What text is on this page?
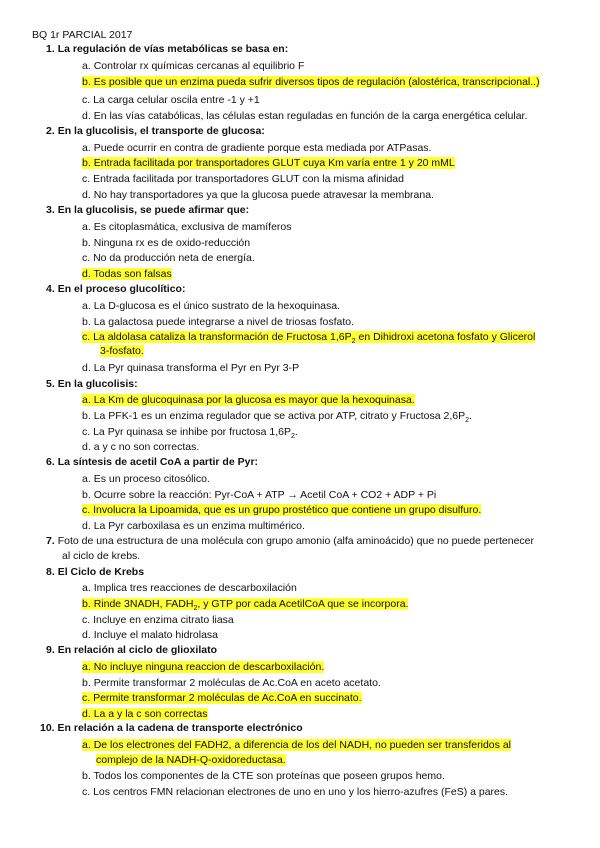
BQ 1r PARCIAL 2017
1. La regulación de vías metabólicas se basa en:
a. Controlar rx químicas cercanas al equilibrio F
b. Es posible que un enzima pueda sufrir diversos tipos de regulación (alostérica, transcripcional..)
c. La carga celular oscila entre -1 y +1
d. En las vías catabólicas, las células estan reguladas en función de la carga energética celular.
2. En la glucolisis, el transporte de glucosa:
a. Puede ocurrir en contra de gradiente porque esta mediada por ATPasas.
b. Entrada facilitada por transportadores GLUT cuya Km varía entre 1 y 20 mML
c. Entrada facilitada por transportadores GLUT con la misma afinidad
d. No hay transportadores ya que la glucosa puede atravesar la membrana.
3. En la glucolisis, se puede afirmar que:
a. Es citoplasmática, exclusiva de mamíferos
b. Ninguna rx es de oxido-reducción
c. No da producción neta de energía.
d. Todas son falsas
4. En el proceso glucolítico:
a. La D-glucosa es el único sustrato de la hexoquinasa.
b. La galactosa puede integrarse a nivel de triosas fosfato.
c. La aldolasa cataliza la transformación de Fructosa $1,6P_2$ en Dihidroxi acetona fosfato y Glicerol
3-fosfato.
d. La Pyr quinasa transforma el Pyr en Pyr 3-P
5. En la glucolisis:
a. La Km de glucoquinasa por la glucosa es mayor que la hexoquinasa.
b. La PFK-1 es un enzima regulador que se activa por ATP, citrato y Fructosa $2,6P_2$.
c. La Pyr quinasa se inhibe por fructosa $1,6P_2$.
d. a y c no son correctas.
6. La síntesis de acetil CoA a partir de Pyr:
a. Es un proceso citosólico.
b. Ocurre sobre la reacción: Pyr-CoA + ATP → Acetil CoA + CO2 + ADP + Pi
c. Involucra la Lipoamida, que es un grupo prostético que contiene un grupo disulfuro.
d. La Pyr carboxilasa es un enzima multimérico.
7. Foto de una estructura de una molécula con grupo amonio (alfa aminoácido) que no puede pertenecer
al ciclo de krebs.
8. El Ciclo de Krebs
a. Implica tres reacciones de descarboxilación
b. Rinde 3NADH, $FADH_2$, y GTP por cada AcetilCoA que se incorpora.
c. Incluye en enzima citrato liasa
d. Incluye el malato hidrolasa
9. En relación al ciclo de glioxilato
a. No incluye ninguna reaccion de descarboxilación.
b. Permite transformar 2 moléculas de Ac.CoA en aceto acetato.
c. Permite transformar 2 moléculas de Ac.CoA en succinato.
d. La a y la c son correctas
10. En relación a la cadena de transporte electrónico
a. De los electrones del FADH2, a diferencia de los del NADH, no pueden ser transferidos al
complejo de la NADH-Q-oxidoreductasa.
b. Todos los componentes de la CTE son proteínas que poseen grupos hemo.
c. Los centros FMN relacionan electrones de uno en uno y los hierro-azufres (FeS) a pares.
